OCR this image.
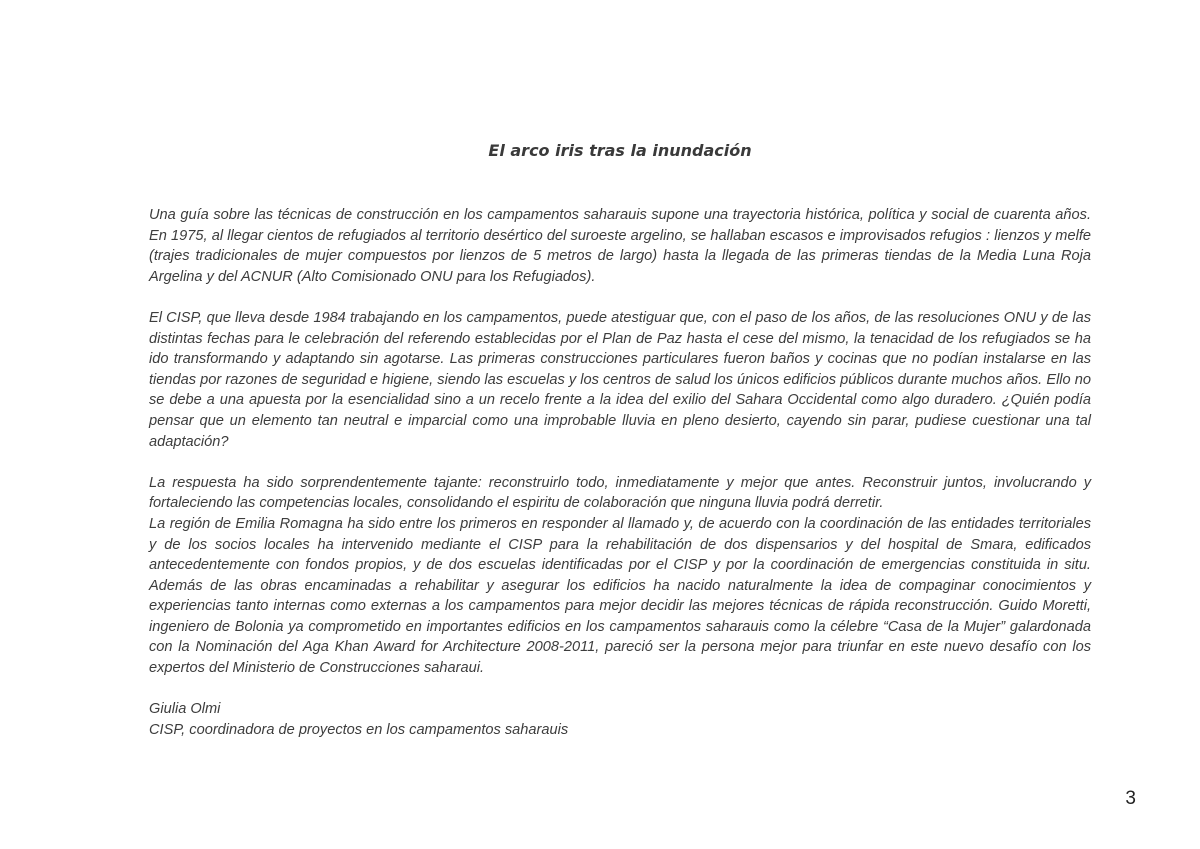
El arco iris tras la inundación

Una guía sobre las técnicas de construcción en los campamentos saharauis supone una trayectoria histórica, política y social de cuarenta años. En 1975, al llegar cientos de refugiados al territorio desértico del suroeste argelino, se hallaban escasos e improvisados refugios : lienzos y melfe (trajes tradicionales de mujer compuestos por lienzos de 5 metros de largo) hasta la llegada de las primeras tiendas de la Media Luna Roja Argelina y del ACNUR (Alto Comisionado ONU para los Refugiados).

El CISP, que lleva desde 1984 trabajando en los campamentos, puede atestiguar que, con el paso de los años, de las resoluciones ONU y de las distintas fechas para le celebración del referendo establecidas por el Plan de Paz hasta el cese del mismo, la tenacidad de los refugiados se ha ido transformando y adaptando sin agotarse. Las primeras construcciones particulares fueron baños y cocinas que no podían instalarse en las tiendas por razones de seguridad e higiene, siendo las escuelas y los centros de salud los únicos edificios públicos durante muchos años. Ello no se debe a una apuesta por la esencialidad sino a un recelo frente a la idea del exilio del Sahara Occidental como algo duradero. ¿Quién podía pensar que un elemento tan neutral e imparcial como una improbable lluvia en pleno desierto, cayendo sin parar, pudiese cuestionar una tal adaptación?

La respuesta ha sido sorprendentemente tajante: reconstruirlo todo, inmediatamente y mejor que antes. Reconstruir juntos, involucrando y fortaleciendo las competencias locales, consolidando el espiritu de colaboración que ninguna lluvia podrá derretir.

La región de Emilia Romagna ha sido entre los primeros en responder al llamado y, de acuerdo con la coordinación de las entidades territoriales y de los socios locales ha intervenido mediante el CISP para la rehabilitación de dos dispensarios y del hospital de Smara, edificados antecedentemente con fondos propios, y de dos escuelas identificadas por el CISP y por la coordinación de emergencias constituida in situ. Además de las obras encaminadas a rehabilitar y asegurar los edificios ha nacido naturalmente la idea de compaginar conocimientos y experiencias tanto internas como externas a los campamentos para mejor decidir las mejores técnicas de rápida reconstrucción. Guido Moretti, ingeniero de Bolonia ya comprometido en importantes edificios en los campamentos saharauis como la célebre “Casa de la Mujer” galardonada con la Nominación del Aga Khan Award for Architecture 2008-2011, pareció ser la persona mejor para triunfar en este nuevo desafío con los expertos del Ministerio de Construcciones saharaui.

Giulia Olmi

CISP, coordinadora de proyectos en los campamentos saharauis

3
